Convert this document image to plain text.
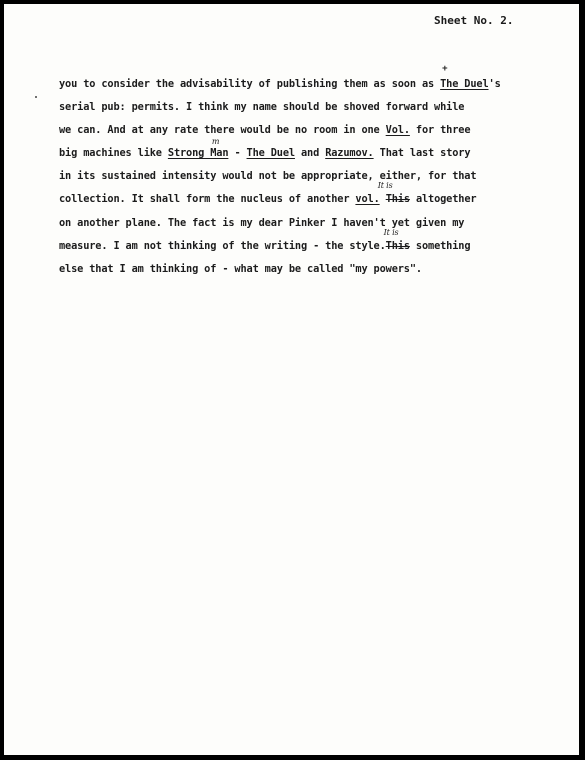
Sheet No. 2.
you to consider the advisability of publishing them as soon as
+
The Duel's
serial pub: permits. I think my name should be shoved forward while
we can. And at any rate there would be no room in one Vol. for three
big machines like
m
Strong Man - The Duel and Razumov. That last story
in its sustained intensity would not be appropriate, either, for that
collection. It shall form the nucleus of another vol.
It is
This altogether
on another plane. The fact is my dear Pinker I haven't yet given my
measure. I am not thinking of the writing - the style.
It is
This something
else that I am thinking of - what may be called "my powers".
